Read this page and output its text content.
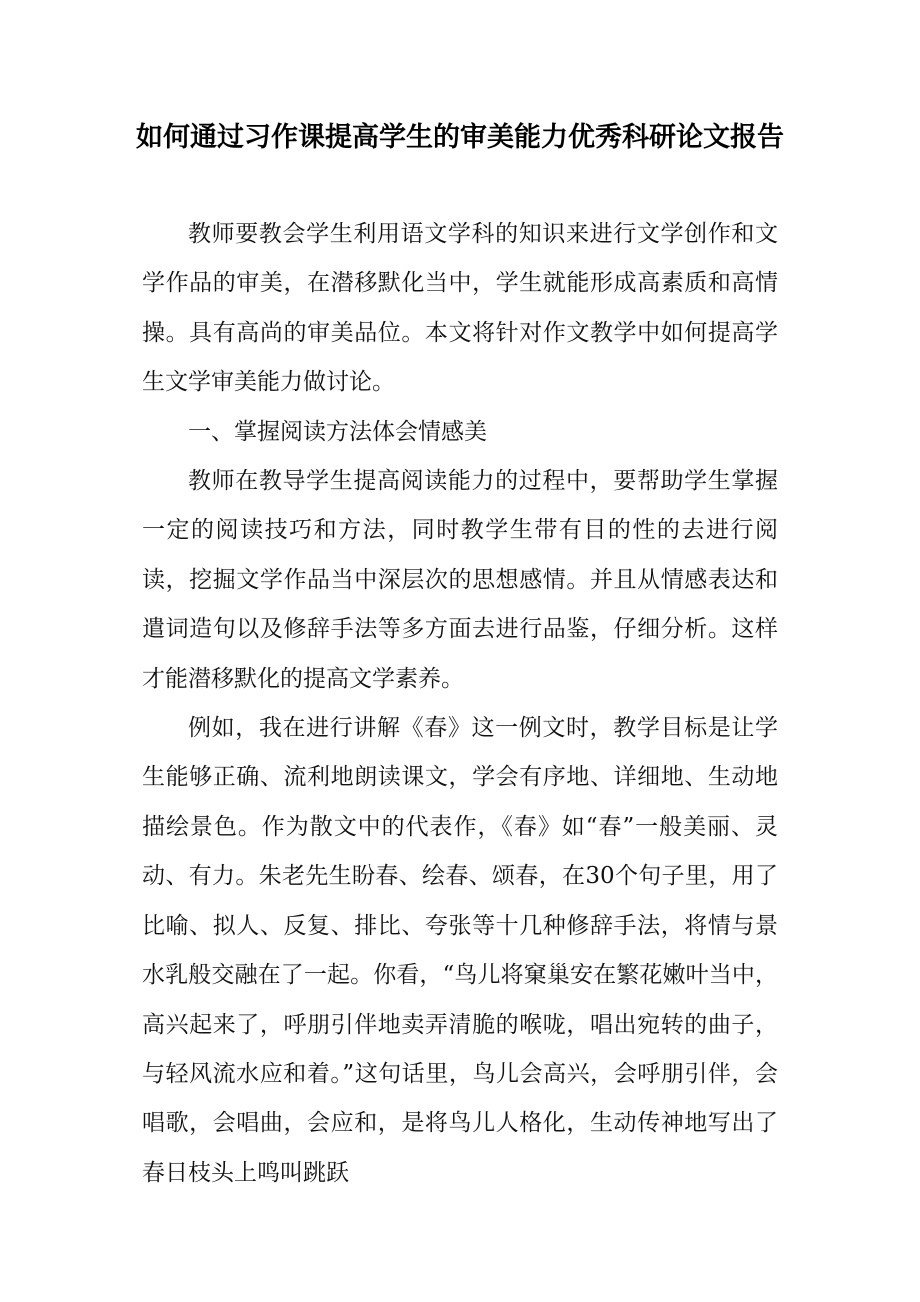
如何通过习作课提高学生的审美能力优秀科研论文报告

教师要教会学生利用语文学科的知识来进行文学创作和文学作品的审美，在潜移默化当中，学生就能形成高素质和高情操。具有高尚的审美品位。本文将针对作文教学中如何提高学生文学审美能力做讨论。

一、掌握阅读方法体会情感美

教师在教导学生提高阅读能力的过程中，要帮助学生掌握一定的阅读技巧和方法，同时教学生带有目的性的去进行阅读，挖掘文学作品当中深层次的思想感情。并且从情感表达和遣词造句以及修辞手法等多方面去进行品鉴，仔细分析。这样才能潜移默化的提高文学素养。

例如，我在进行讲解《春》这一例文时，教学目标是让学生能够正确、流利地朗读课文，学会有序地、详细地、生动地描绘景色。作为散文中的代表作，《春》如“春”一般美丽、灵动、有力。朱老先生盼春、绘春、颂春，在30个句子里，用了比喻、拟人、反复、排比、夸张等十几种修辞手法，将情与景水乳般交融在了一起。你看，“鸟儿将窠巢安在繁花嫩叶当中，高兴起来了，呼朋引伴地卖弄清脆的喉咙，唱出宛转的曲子，与轻风流水应和着。”这句话里，鸟儿会高兴，会呼朋引伴，会唱歌，会唱曲，会应和，是将鸟儿人格化，生动传神地写出了春日枝头上鸣叫跳跃
